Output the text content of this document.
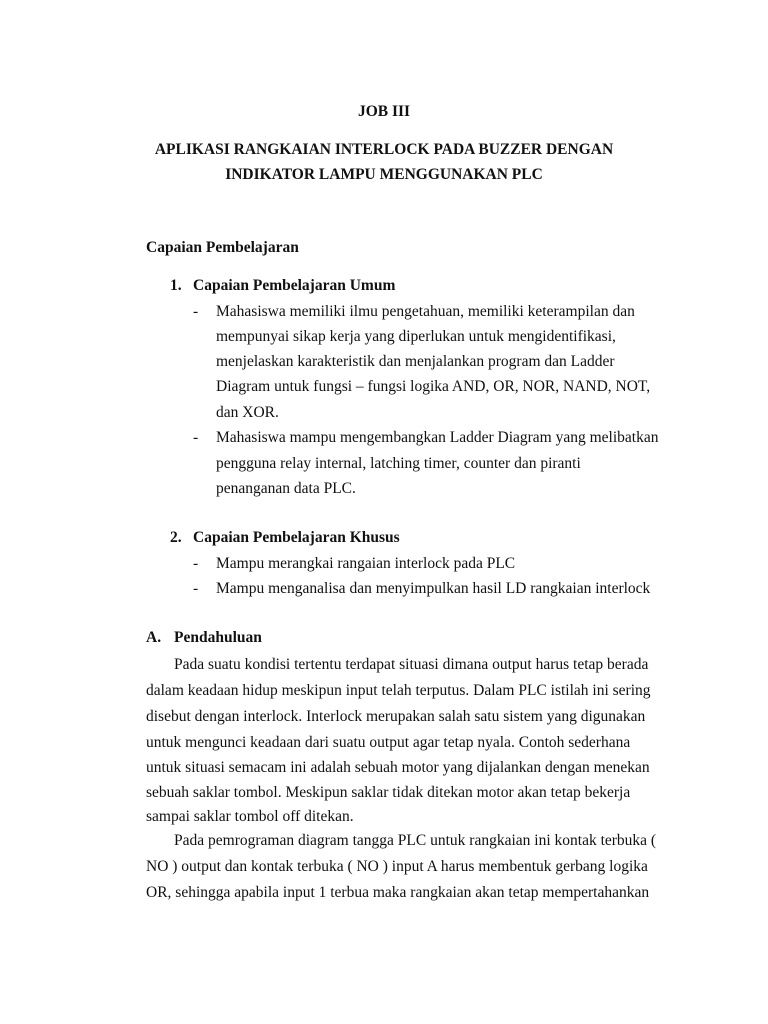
JOB III
APLIKASI RANGKAIAN INTERLOCK PADA BUZZER DENGAN
INDIKATOR LAMPU MENGGUNAKAN PLC
Capaian Pembelajaran
1. Capaian Pembelajaran Umum
- Mahasiswa memiliki ilmu pengetahuan, memiliki keterampilan dan
mempunyai sikap kerja yang diperlukan untuk mengidentifikasi,
menjelaskan karakteristik dan menjalankan program dan Ladder
Diagram untuk fungsi – fungsi logika AND, OR, NOR, NAND, NOT,
dan XOR.
- Mahasiswa mampu mengembangkan Ladder Diagram yang melibatkan
pengguna relay internal, latching timer, counter dan piranti
penanganan data PLC.
2. Capaian Pembelajaran Khusus
- Mampu merangkai rangaian interlock pada PLC
- Mampu menganalisa dan menyimpulkan hasil LD rangkaian interlock
A. Pendahuluan
Pada suatu kondisi tertentu terdapat situasi dimana output harus tetap berada
dalam keadaan hidup meskipun input telah terputus. Dalam PLC istilah ini sering
disebut dengan interlock. Interlock merupakan salah satu sistem yang digunakan
untuk mengunci keadaan dari suatu output agar tetap nyala. Contoh sederhana
untuk situasi semacam ini adalah sebuah motor yang dijalankan dengan menekan
sebuah saklar tombol. Meskipun saklar tidak ditekan motor akan tetap bekerja
sampai saklar tombol off ditekan.
Pada pemrograman diagram tangga PLC untuk rangkaian ini kontak terbuka (
NO ) output dan kontak terbuka ( NO ) input A harus membentuk gerbang logika
OR, sehingga apabila input 1 terbua maka rangkaian akan tetap mempertahankan
